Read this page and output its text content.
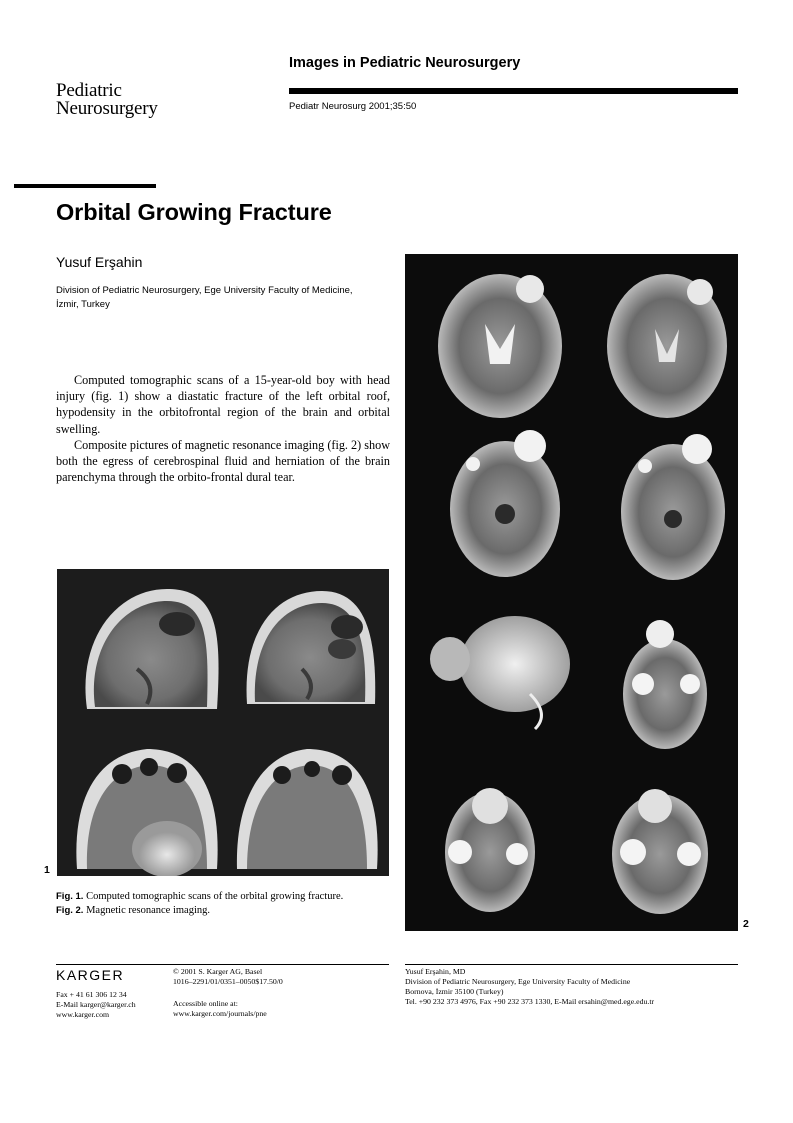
Pediatric
Neurosurgery
Images in Pediatric Neurosurgery
Pediatr Neurosurg 2001;35:50
Orbital Growing Fracture
Yusuf Erşahin
Division of Pediatric Neurosurgery, Ege University Faculty of Medicine, İzmir, Turkey

Computed tomographic scans of a 15-year-old boy with head injury (fig. 1) show a diastatic fracture of the left orbital roof, hypodensity in the orbitofrontal region of the brain and orbital swelling.

Composite pictures of magnetic resonance imaging (fig. 2) show both the egress of cerebrospinal fluid and herniation of the brain parenchyma through the orbito-frontal dural tear.

1
2
Fig. 1. Computed tomographic scans of the orbital growing fracture.
Fig. 2. Magnetic resonance imaging.
KARGER
Fax + 41 61 306 12 34
E-Mail karger@karger.ch
www.karger.com
© 2001 S. Karger AG, Basel
1016–2291/01/0351–0050$17.50/0
Accessible online at:
www.karger.com/journals/pne
Yusuf Erşahin, MD
Division of Pediatric Neurosurgery, Ege University Faculty of Medicine
Bornova, İzmir 35100 (Turkey)
Tel. +90 232 373 4976, Fax +90 232 373 1330, E-Mail ersahin@med.ege.edu.tr
